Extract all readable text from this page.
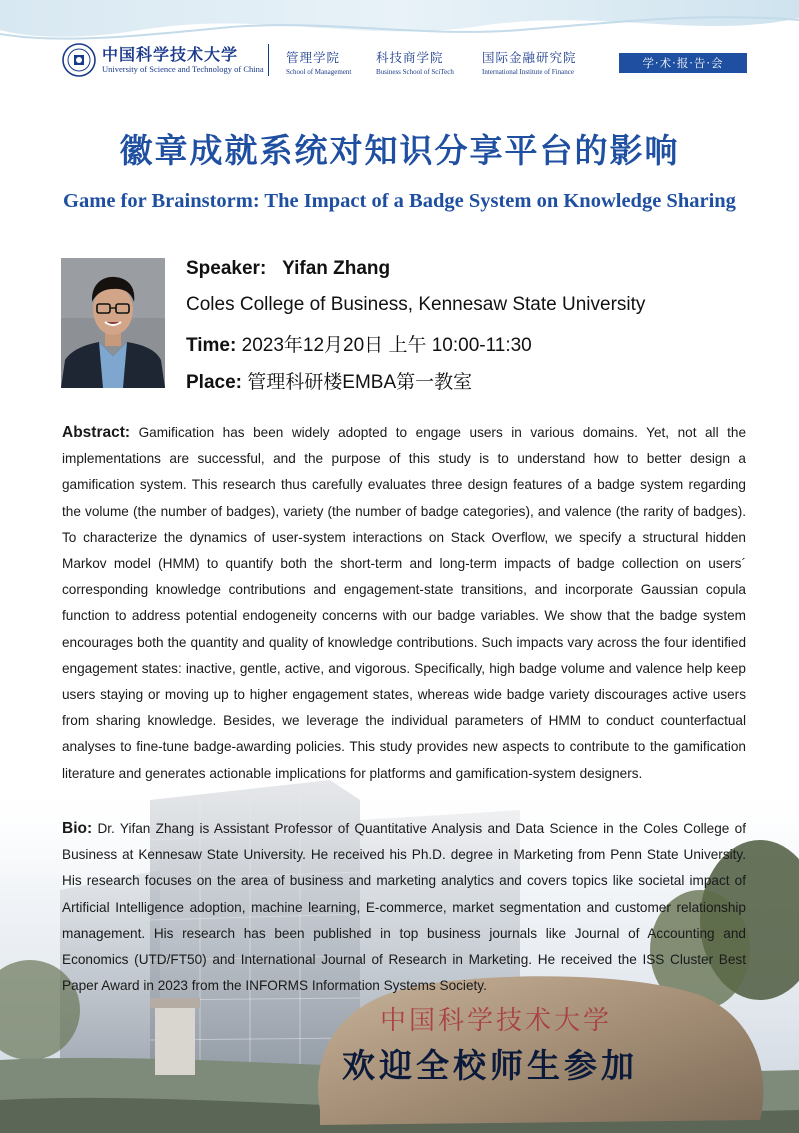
中国科学技术大学
University of Science and Technology of China
管理学院
School of Management
科技商学院
Business School of SciTech
国际金融研究院
International Institute of Finance
学·术·报·告·会
徽章成就系统对知识分享平台的影响
Game for Brainstorm: The Impact of a Badge System on Knowledge Sharing
Speaker: Yifan Zhang
Coles College of Business, Kennesaw State University
Time: 2023年12月20日 上午 10:00-11:30
Place: 管理科研楼EMBA第一教室
Abstract: Gamification has been widely adopted to engage users in various domains. Yet, not all the implementations are successful, and the purpose of this study is to understand how to better design a gamification system. This research thus carefully evaluates three design features of a badge system regarding the volume (the number of badges), variety (the number of badge categories), and valence (the rarity of badges). To characterize the dynamics of user-system interactions on Stack Overflow, we specify a structural hidden Markov model (HMM) to quantify both the short-term and long-term impacts of badge collection on users´ corresponding knowledge contributions and engagement-state transitions, and incorporate Gaussian copula function to address potential endogeneity concerns with our badge variables. We show that the badge system encourages both the quantity and quality of knowledge contributions. Such impacts vary across the four identified engagement states: inactive, gentle, active, and vigorous. Specifically, high badge volume and valence help keep users staying or moving up to higher engagement states, whereas wide badge variety discourages active users from sharing knowledge. Besides, we leverage the individual parameters of HMM to conduct counterfactual analyses to fine-tune badge-awarding policies. This study provides new aspects to contribute to the gamification literature and generates actionable implications for platforms and gamification-system designers.
Bio: Dr. Yifan Zhang is Assistant Professor of Quantitative Analysis and Data Science in the Coles College of Business at Kennesaw State University. He received his Ph.D. degree in Marketing from Penn State University. His research focuses on the area of business and marketing analytics and covers topics like societal impact of Artificial Intelligence adoption, machine learning, E-commerce, market segmentation and customer relationship management. His research has been published in top business journals like Journal of Accounting and Economics (UTD/FT50) and International Journal of Research in Marketing. He received the ISS Cluster Best Paper Award in 2023 from the INFORMS Information Systems Society.
中国科学技术大学
欢迎全校师生参加
